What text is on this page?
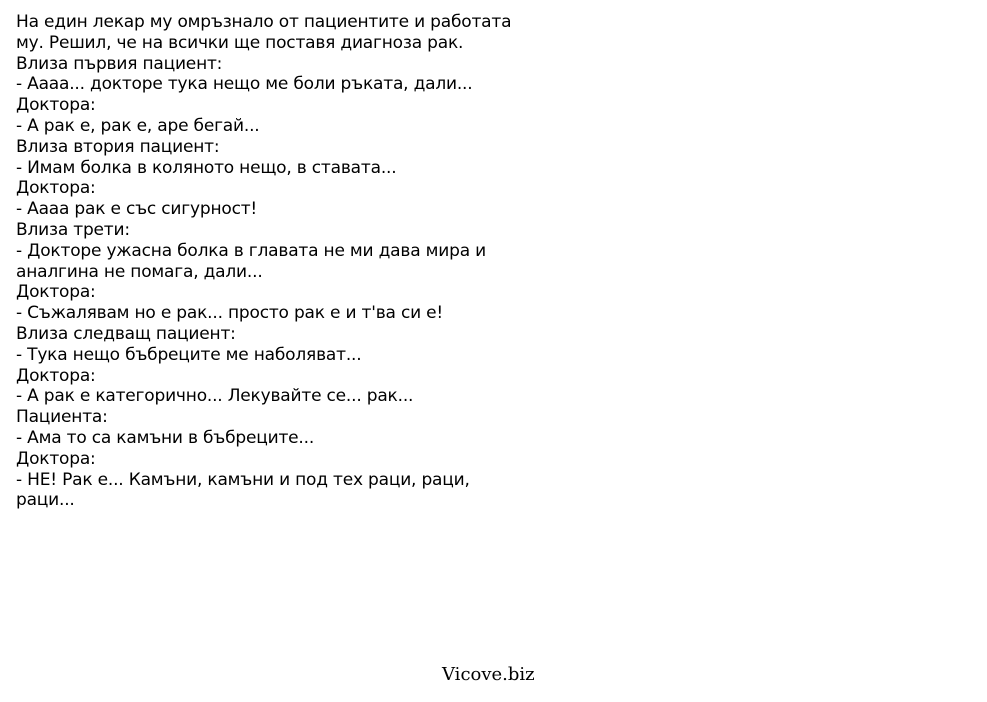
На един лекар му омръзнало от пациентите и работата
му. Решил, че на всички ще поставя диагноза рак.
Влиза първия пациент:
- Аааа... докторе тука нещо ме боли ръката, дали...
Доктора:
- А рак е, рак е, аре бегай...
Влиза втория пациент:
- Имам болка в коляното нещо, в ставата...
Доктора:
- Аааа рак е със сигурност!
Влиза трети:
- Докторе ужасна болка в главата не ми дава мира и
аналгина не помага, дали...
Доктора:
- Съжалявам но е рак... просто рак е и т'ва си е!
Влиза следващ пациент:
- Тука нещо бъбреците ме наболяват...
Доктора:
- А рак е категорично... Лекувайте се... рак...
Пациента:
- Ама то са камъни в бъбреците...
Доктора:
- НЕ! Рак е... Камъни, камъни и под тех раци, раци,
раци...
Vicove.biz
